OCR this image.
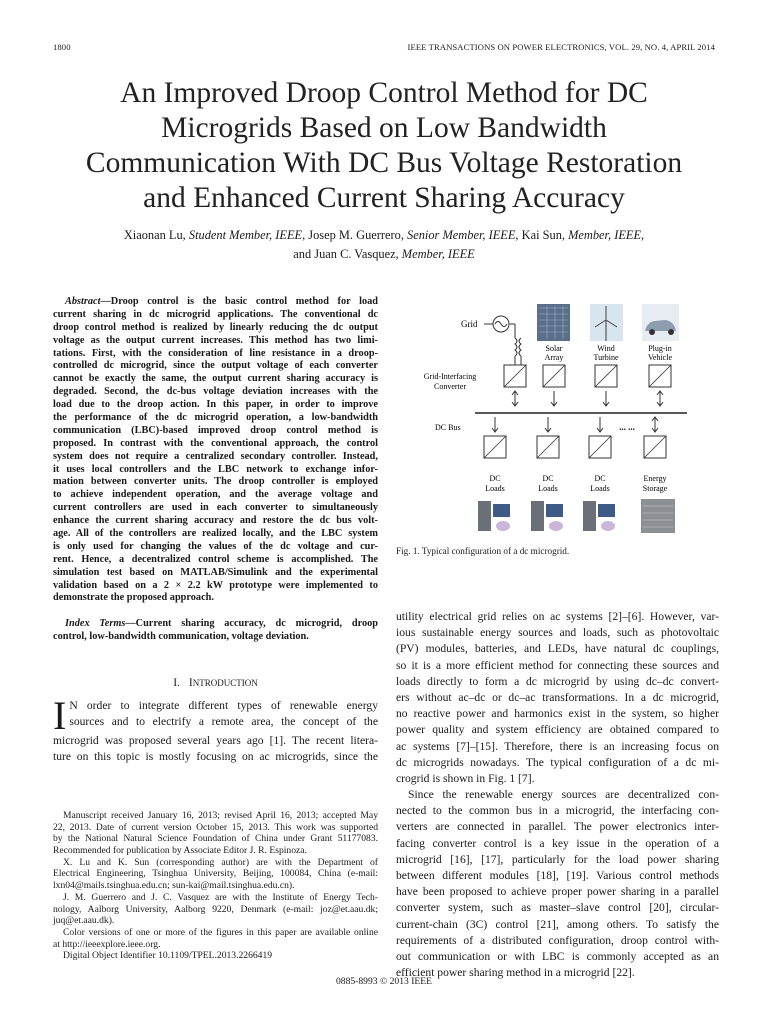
1800	IEEE TRANSACTIONS ON POWER ELECTRONICS, VOL. 29, NO. 4, APRIL 2014
An Improved Droop Control Method for DC
Microgrids Based on Low Bandwidth
Communication With DC Bus Voltage Restoration
and Enhanced Current Sharing Accuracy
Xiaonan Lu, Student Member, IEEE, Josep M. Guerrero, Senior Member, IEEE, Kai Sun, Member, IEEE,
and Juan C. Vasquez, Member, IEEE
Abstract—Droop control is the basic control method for load
current sharing in dc microgrid applications. The conventional dc
droop control method is realized by linearly reducing the dc output
voltage as the output current increases. This method has two limi-
tations. First, with the consideration of line resistance in a droop-
controlled dc microgrid, since the output voltage of each converter
cannot be exactly the same, the output current sharing accuracy is
degraded. Second, the dc-bus voltage deviation increases with the
load due to the droop action. In this paper, in order to improve
the performance of the dc microgrid operation, a low-bandwidth
communication (LBC)-based improved droop control method is
proposed. In contrast with the conventional approach, the control
system does not require a centralized secondary controller. Instead,
it uses local controllers and the LBC network to exchange infor-
mation between converter units. The droop controller is employed
to achieve independent operation, and the average voltage and
current controllers are used in each converter to simultaneously
enhance the current sharing accuracy and restore the dc bus volt-
age. All of the controllers are realized locally, and the LBC system
is only used for changing the values of the dc voltage and cur-
rent. Hence, a decentralized control scheme is accomplished. The
simulation test based on MATLAB/Simulink and the experimental
validation based on a 2 × 2.2 kW prototype were implemented to
demonstrate the proposed approach.
Index Terms—Current sharing accuracy, dc microgrid, droop
control, low-bandwidth communication, voltage deviation.
I. INTRODUCTION
I N order to integrate different types of renewable energy
sources and to electrify a remote area, the concept of the
microgrid was proposed several years ago [1]. The recent litera-
ture on this topic is mostly focusing on ac microgrids, since the
Manuscript received January 16, 2013; revised April 16, 2013; accepted May
22, 2013. Date of current version October 15, 2013. This work was supported
by the National Natural Science Foundation of China under Grant 51177083.
Recommended for publication by Associate Editor J. R. Espinoza.
X. Lu and K. Sun (corresponding author) are with the Department of
Electrical Engineering, Tsinghua University, Beijing, 100084, China (e-mail:
lxn04@mails.tsinghua.edu.cn; sun-kai@mail.tsinghua.edu.cn).
J. M. Guerrero and J. C. Vasquez are with the Institute of Energy Tech-
nology, Aalborg University, Aalborg 9220, Denmark (e-mail: joz@et.aau.dk;
juq@et.aau.dk).
Color versions of one or more of the figures in this paper are available online
at http://ieeexplore.ieee.org.
Digital Object Identifier 10.1109/TPEL.2013.2266419
Grid
Solar
Array
Wind
Turbine
Plug-in
Vehicle
Grid-Interfacing
Converter
DC Bus	... ...
DC
Loads
DC
Loads
DC
Loads
Energy
Storage
Fig. 1. Typical configuration of a dc microgrid.
utility electrical grid relies on ac systems [2]–[6]. However, var-
ious sustainable energy sources and loads, such as photovoltaic
(PV) modules, batteries, and LEDs, have natural dc couplings,
so it is a more efficient method for connecting these sources and
loads directly to form a dc microgrid by using dc–dc convert-
ers without ac–dc or dc–ac transformations. In a dc microgrid,
no reactive power and harmonics exist in the system, so higher
power quality and system efficiency are obtained compared to
ac systems [7]–[15]. Therefore, there is an increasing focus on
dc microgrids nowadays. The typical configuration of a dc mi-
crogrid is shown in Fig. 1 [7].
Since the renewable energy sources are decentralized con-
nected to the common bus in a microgrid, the interfacing con-
verters are connected in parallel. The power electronics inter-
facing converter control is a key issue in the operation of a
microgrid [16], [17], particularly for the load power sharing
between different modules [18], [19]. Various control methods
have been proposed to achieve proper power sharing in a parallel
converter system, such as master–slave control [20], circular-
current-chain (3C) control [21], among others. To satisfy the
requirements of a distributed configuration, droop control with-
out communication or with LBC is commonly accepted as an
efficient power sharing method in a microgrid [22].
0885-8993 © 2013 IEEE
